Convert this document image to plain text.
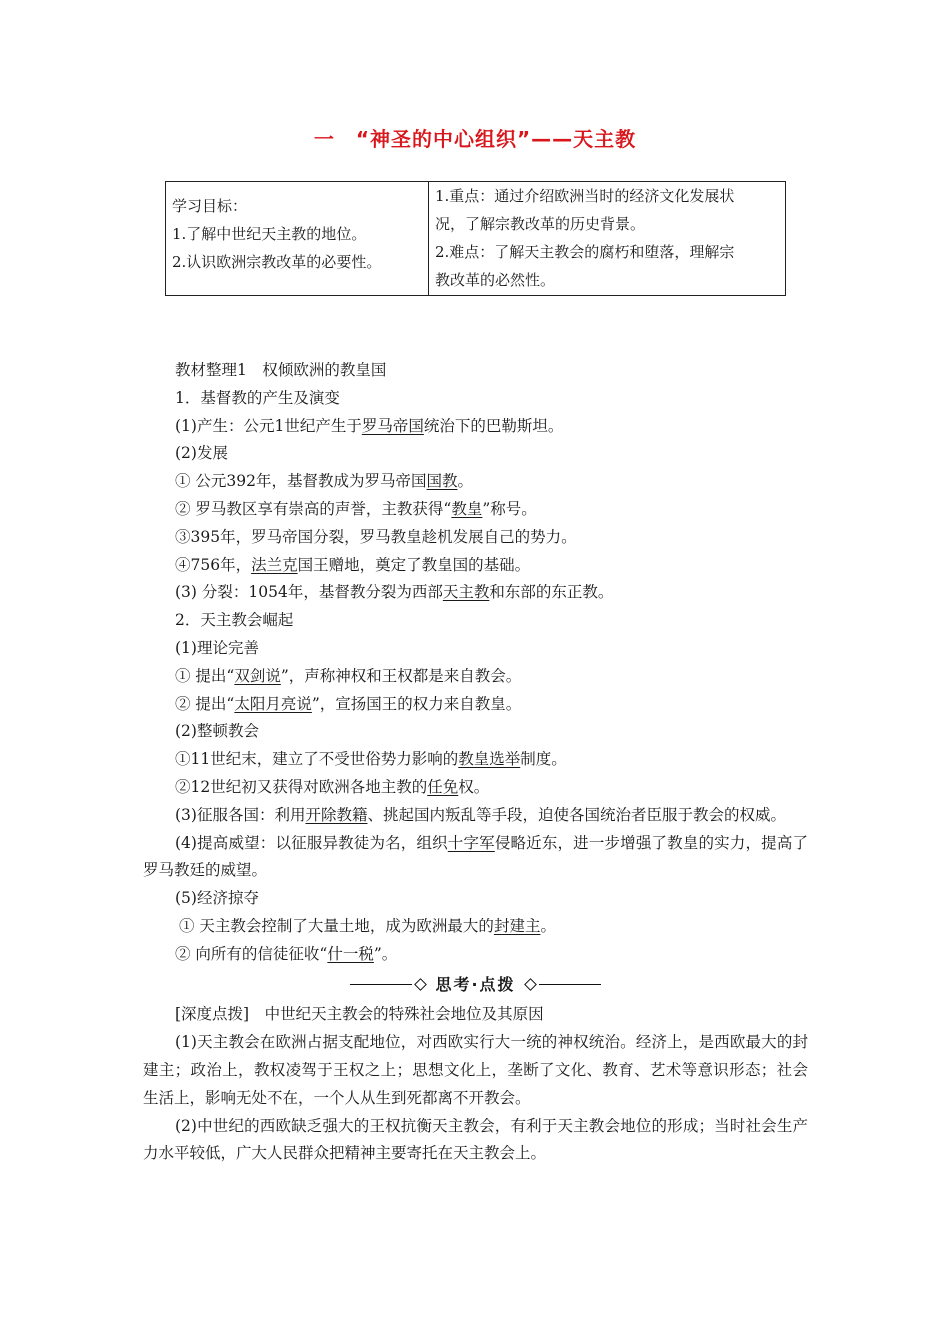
一　“神圣的中心组织”——天主教
学习目标：
1.了解中世纪天主教的地位。
2.认识欧洲宗教改革的必要性。

1.重点：通过介绍欧洲当时的经济文化发展状
况，了解宗教改革的历史背景。
2.难点：了解天主教会的腐朽和堕落，理解宗
教改革的必然性。
教材整理1　权倾欧洲的教皇国
1．基督教的产生及演变
(1)产生：公元1世纪产生于罗马帝国统治下的巴勒斯坦。
(2)发展
① 公元392年，基督教成为罗马帝国国教。
② 罗马教区享有崇高的声誉，主教获得“教皇”称号。
③395年，罗马帝国分裂，罗马教皇趁机发展自己的势力。
④756年，法兰克国王赠地，奠定了教皇国的基础。
(3) 分裂：1054年，基督教分裂为西部天主教和东部的东正教。
2．天主教会崛起
(1)理论完善
① 提出“双剑说”，声称神权和王权都是来自教会。
② 提出“太阳月亮说”，宣扬国王的权力来自教皇。
(2)整顿教会
①11世纪末，建立了不受世俗势力影响的教皇选举制度。
②12世纪初又获得对欧洲各地主教的任免权。
(3)征服各国：利用开除教籍、挑起国内叛乱等手段，迫使各国统治者臣服于教会的权威。
(4)提高威望：以征服异教徒为名，组织十字军侵略近东，进一步增强了教皇的实力，提高了罗马教廷的威望。
(5)经济掠夺
① 天主教会控制了大量土地，成为欧洲最大的封建主。
② 向所有的信徒征收“什一税”。
思考·点拨
[深度点拨]　中世纪天主教会的特殊社会地位及其原因
(1)天主教会在欧洲占据支配地位，对西欧实行大一统的神权统治。经济上，是西欧最大的封建主；政治上，教权凌驾于王权之上；思想文化上，垄断了文化、教育、艺术等意识形态；社会生活上，影响无处不在，一个人从生到死都离不开教会。
(2)中世纪的西欧缺乏强大的王权抗衡天主教会，有利于天主教会地位的形成；当时社会生产力水平较低，广大人民群众把精神主要寄托在天主教会上。
